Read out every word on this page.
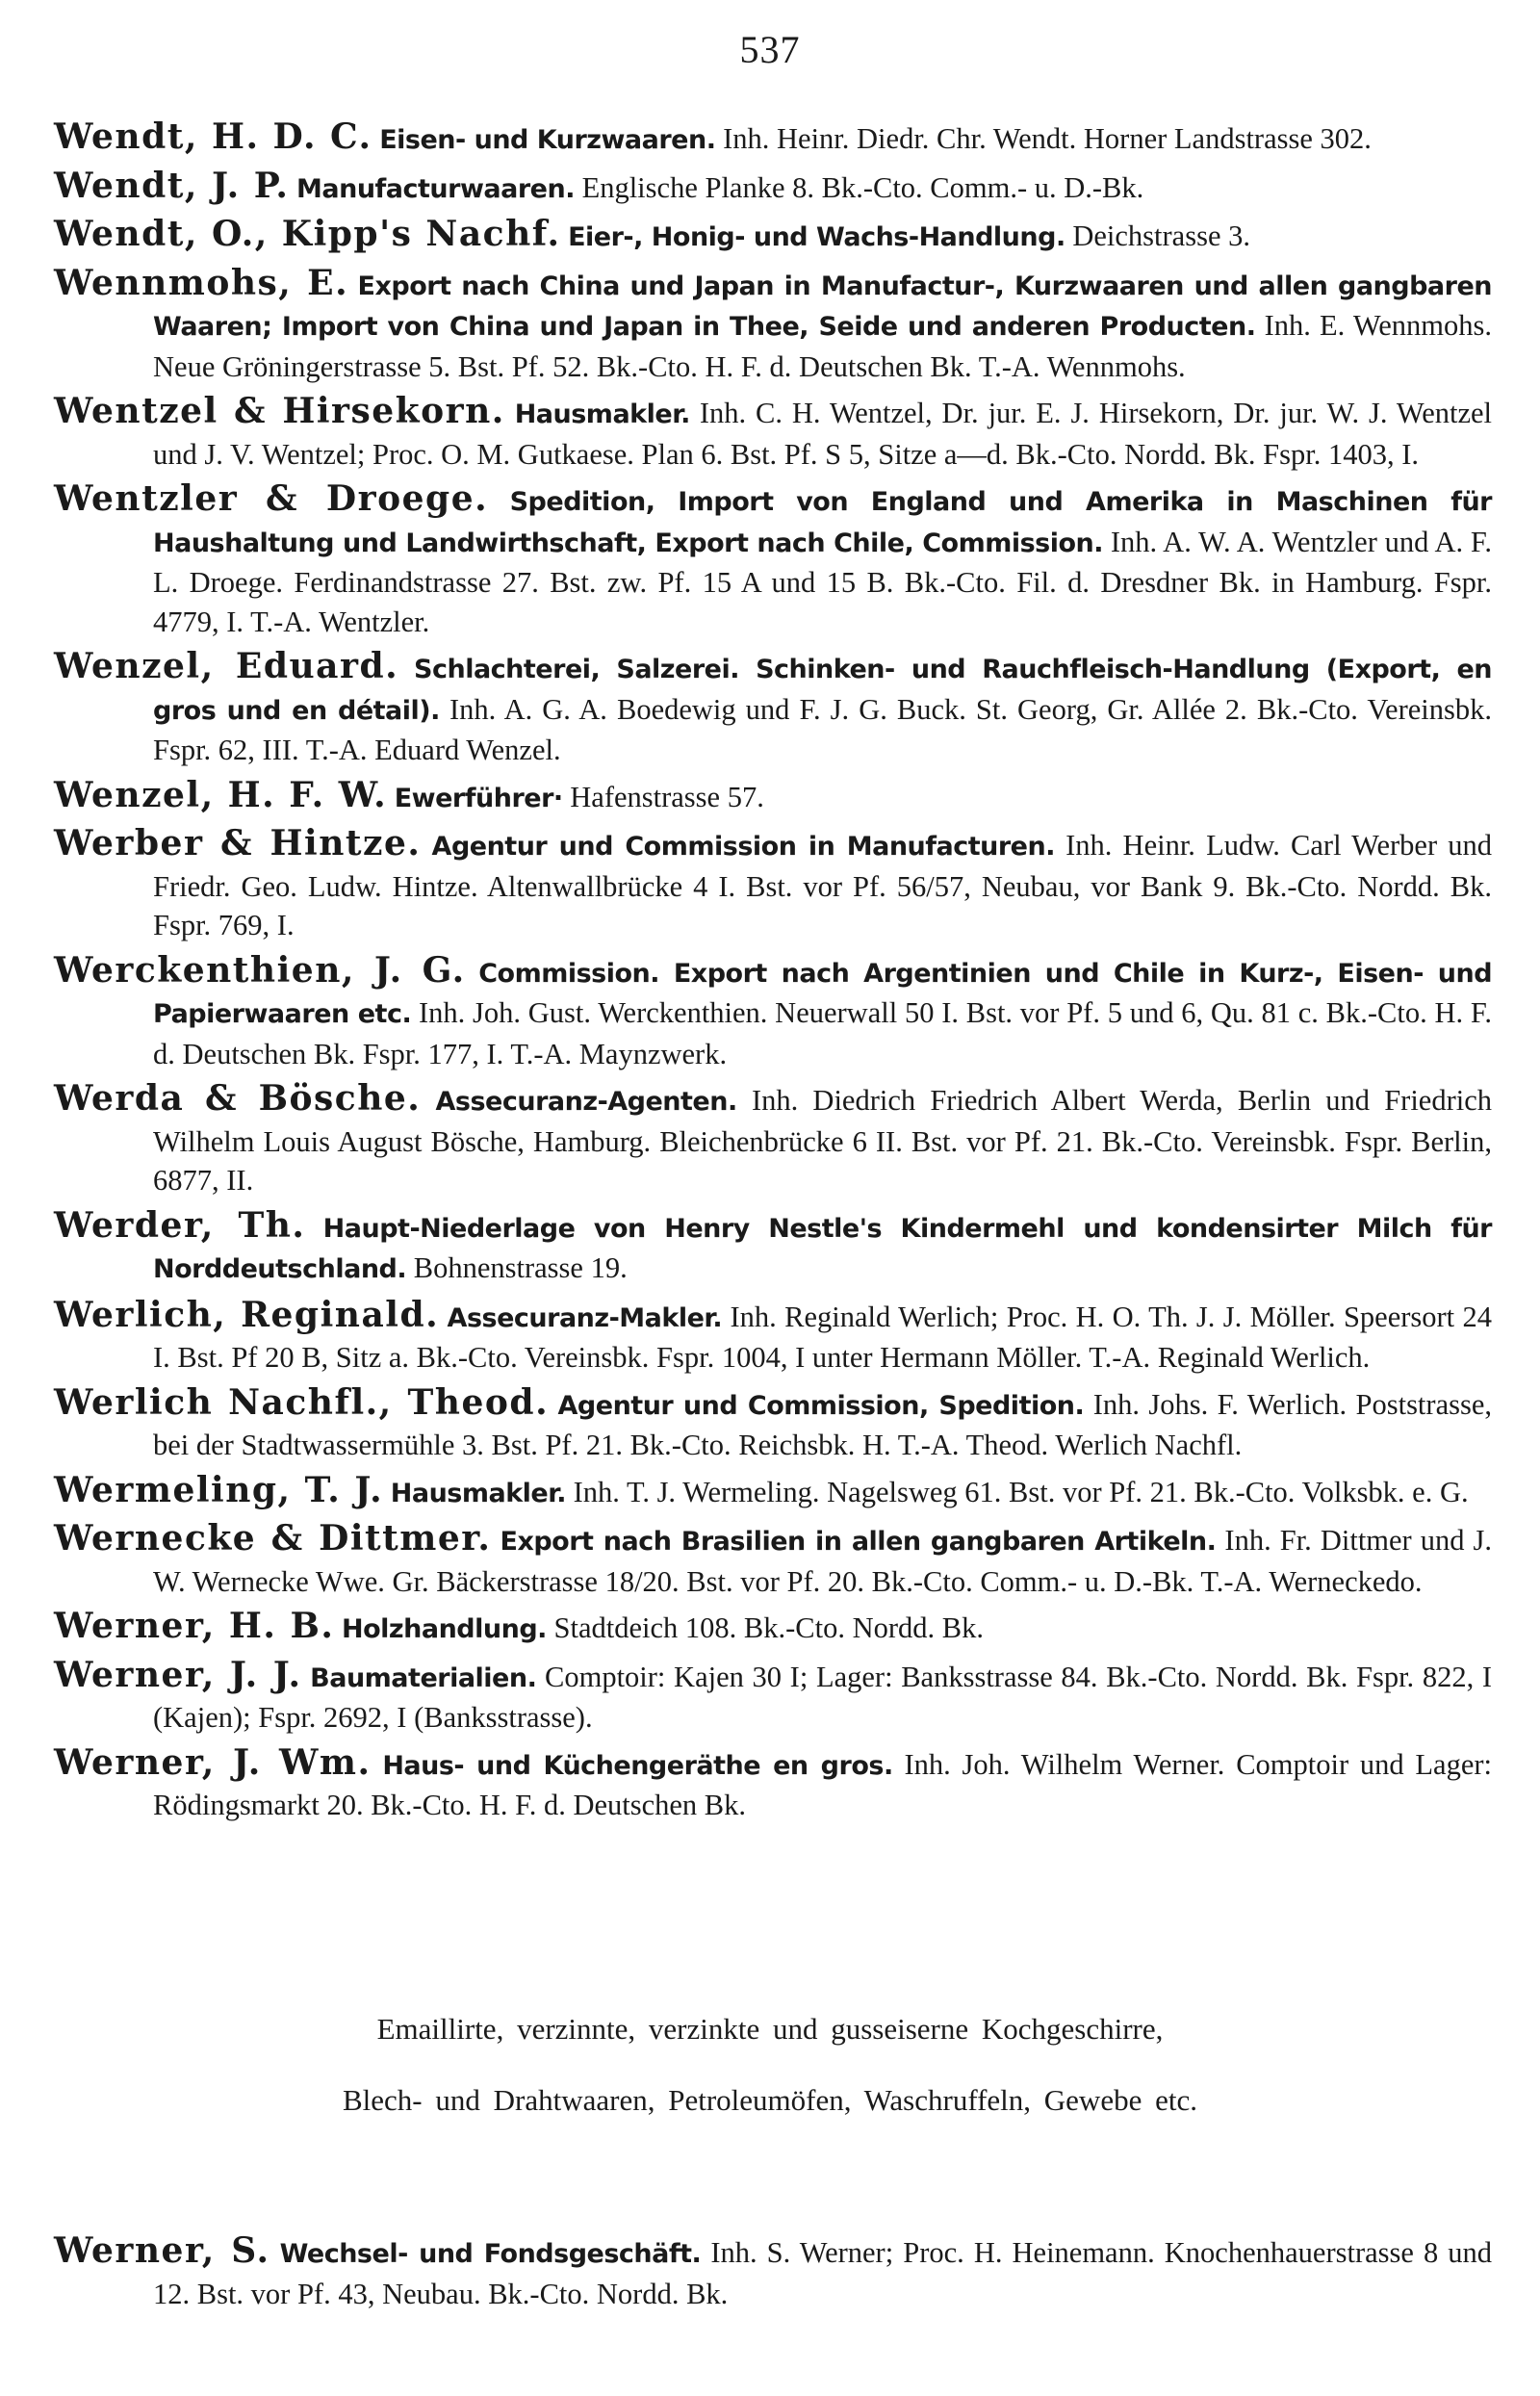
537
Wendt, H. D. C. Eisen- und Kurzwaaren. Inh. Heinr. Diedr. Chr. Wendt. Horner Landstrasse 302.
Wendt, J. P. Manufacturwaaren. Englische Planke 8. Bk.-Cto. Comm.- u. D.-Bk.
Wendt, O., Kipp's Nachf. Eier-, Honig- und Wachs-Handlung. Deichstrasse 3.
Wennmohs, E. Export nach China und Japan in Manufactur-, Kurzwaaren und allen gangbaren Waaren; Import von China und Japan in Thee, Seide und anderen Producten. Inh. E. Wennmohs. Neue Gröningerstrasse 5. Bst. Pf. 52. Bk.-Cto. H. F. d. Deutschen Bk. T.-A. Wennmohs.
Wentzel & Hirsekorn. Hausmakler. Inh. C. H. Wentzel, Dr. jur. E. J. Hirsekorn, Dr. jur. W. J. Wentzel und J. V. Wentzel; Proc. O. M. Gutkaese. Plan 6. Bst. Pf. S 5, Sitze a—d. Bk.-Cto. Nordd. Bk. Fspr. 1403, I.
Wentzler & Droege. Spedition, Import von England und Amerika in Maschinen für Haushaltung und Landwirthschaft, Export nach Chile, Commission. Inh. A. W. A. Wentzler und A. F. L. Droege. Ferdinandstrasse 27. Bst. zw. Pf. 15 A und 15 B. Bk.-Cto. Fil. d. Dresdner Bk. in Hamburg. Fspr. 4779, I. T.-A. Wentzler.
Wenzel, Eduard. Schlachterei, Salzerei. Schinken- und Rauchfleisch-Handlung (Export, en gros und en détail). Inh. A. G. A. Boedewig und F. J. G. Buck. St. Georg, Gr. Allée 2. Bk.-Cto. Vereinsbk. Fspr. 62, III. T.-A. Eduard Wenzel.
Wenzel, H. F. W. Ewerführer· Hafenstrasse 57.
Werber & Hintze. Agentur und Commission in Manufacturen. Inh. Heinr. Ludw. Carl Werber und Friedr. Geo. Ludw. Hintze. Altenwallbrücke 4 I. Bst. vor Pf. 56/57, Neubau, vor Bank 9. Bk.-Cto. Nordd. Bk. Fspr. 769, I.
Werckenthien, J. G. Commission. Export nach Argentinien und Chile in Kurz-, Eisen- und Papierwaaren etc. Inh. Joh. Gust. Werckenthien. Neuerwall 50 I. Bst. vor Pf. 5 und 6, Qu. 81 c. Bk.-Cto. H. F. d. Deutschen Bk. Fspr. 177, I. T.-A. Maynzwerk.
Werda & Bösche. Assecuranz-Agenten. Inh. Diedrich Friedrich Albert Werda, Berlin und Friedrich Wilhelm Louis August Bösche, Hamburg. Bleichenbrücke 6 II. Bst. vor Pf. 21. Bk.-Cto. Vereinsbk. Fspr. Berlin, 6877, II.
Werder, Th. Haupt-Niederlage von Henry Nestle's Kindermehl und kondensirter Milch für Norddeutschland. Bohnenstrasse 19.
Werlich, Reginald. Assecuranz-Makler. Inh. Reginald Werlich; Proc. H. O. Th. J. J. Möller. Speersort 24 I. Bst. Pf 20 B, Sitz a. Bk.-Cto. Vereinsbk. Fspr. 1004, I unter Hermann Möller. T.-A. Reginald Werlich.
Werlich Nachfl., Theod. Agentur und Commission, Spedition. Inh. Johs. F. Werlich. Poststrasse, bei der Stadtwassermühle 3. Bst. Pf. 21. Bk.-Cto. Reichsbk. H. T.-A. Theod. Werlich Nachfl.
Wermeling, T. J. Hausmakler. Inh. T. J. Wermeling. Nagelsweg 61. Bst. vor Pf. 21. Bk.-Cto. Volksbk. e. G.
Wernecke & Dittmer. Export nach Brasilien in allen gangbaren Artikeln. Inh. Fr. Dittmer und J. W. Wernecke Wwe. Gr. Bäckerstrasse 18/20. Bst. vor Pf. 20. Bk.-Cto. Comm.- u. D.-Bk. T.-A. Werneckedo.
Werner, H. B. Holzhandlung. Stadtdeich 108. Bk.-Cto. Nordd. Bk.
Werner, J. J. Baumaterialien. Comptoir: Kajen 30 I; Lager: Banksstrasse 84. Bk.-Cto. Nordd. Bk. Fspr. 822, I (Kajen); Fspr. 2692, I (Banksstrasse).
Werner, J. Wm. Haus- und Küchengeräthe en gros. Inh. Joh. Wilhelm Werner. Comptoir und Lager: Rödingsmarkt 20. Bk.-Cto. H. F. d. Deutschen Bk.
Emaillirte, verzinnte, verzinkte und gusseiserne Kochgeschirre,
Blech- und Drahtwaaren, Petroleumöfen, Waschruffeln, Gewebe etc.
Werner, S. Wechsel- und Fondsgeschäft. Inh. S. Werner; Proc. H. Heinemann. Knochenhauerstrasse 8 und 12. Bst. vor Pf. 43, Neubau. Bk.-Cto. Nordd. Bk.
